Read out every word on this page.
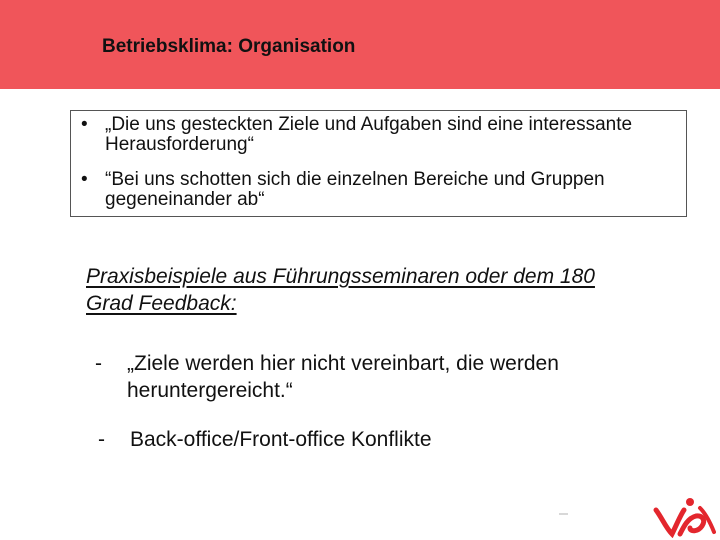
Betriebsklima: Organisation
• „Die uns gesteckten Ziele und Aufgaben sind eine interessante Herausforderung“
• “Bei uns schotten sich die einzelnen Bereiche und Gruppen gegeneinander ab“
Praxisbeispiele aus Führungsseminaren oder dem 180 Grad Feedback:
- „Ziele werden hier nicht vereinbart, die werden heruntergereicht.“
- Back-office/Front-office Konflikte
